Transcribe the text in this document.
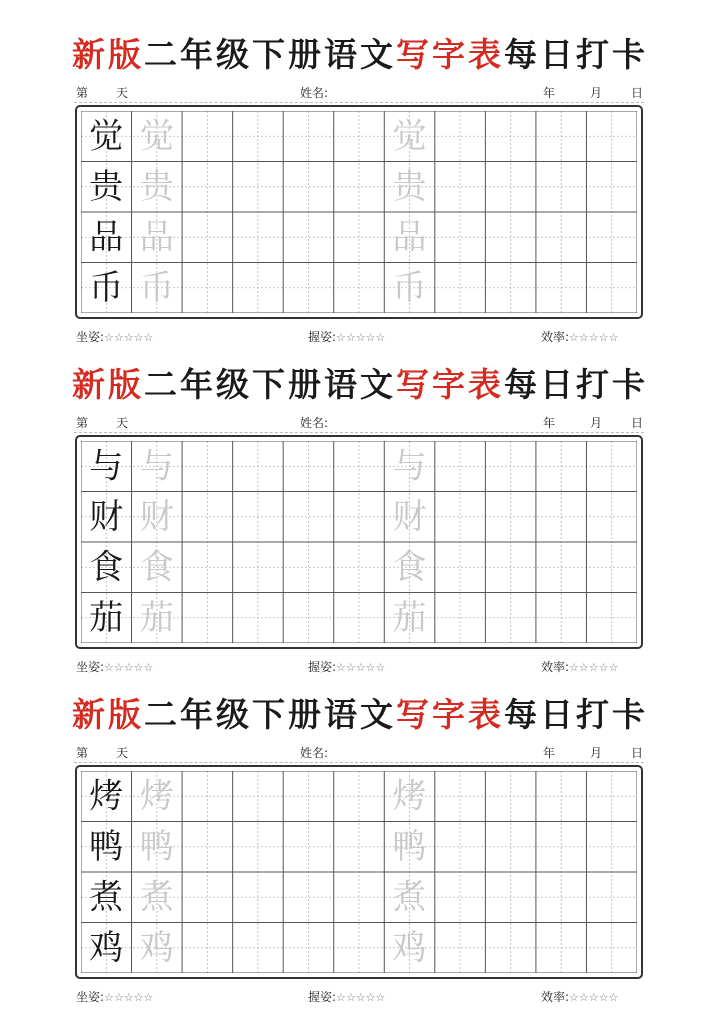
新版二年级下册语文写字表每日打卡
第 天	姓名:	年	月 日
觉 觉	觉
贵 贵	贵
品 品	品
币 币	币
坐姿:☆☆☆☆☆	握姿:☆☆☆☆☆	效率:☆☆☆☆☆
新版二年级下册语文写字表每日打卡
第 天	姓名:	年	月 日
与 与	与
财 财	财
食 食	食
茄 茄	茄
坐姿:☆☆☆☆☆	握姿:☆☆☆☆☆	效率:☆☆☆☆☆
新版二年级下册语文写字表每日打卡
第 天	姓名:	年	月 日
烤 烤	烤
鸭 鸭	鸭
煮 煮	煮
鸡 鸡	鸡
坐姿:☆☆☆☆☆	握姿:☆☆☆☆☆	效率:☆☆☆☆☆
